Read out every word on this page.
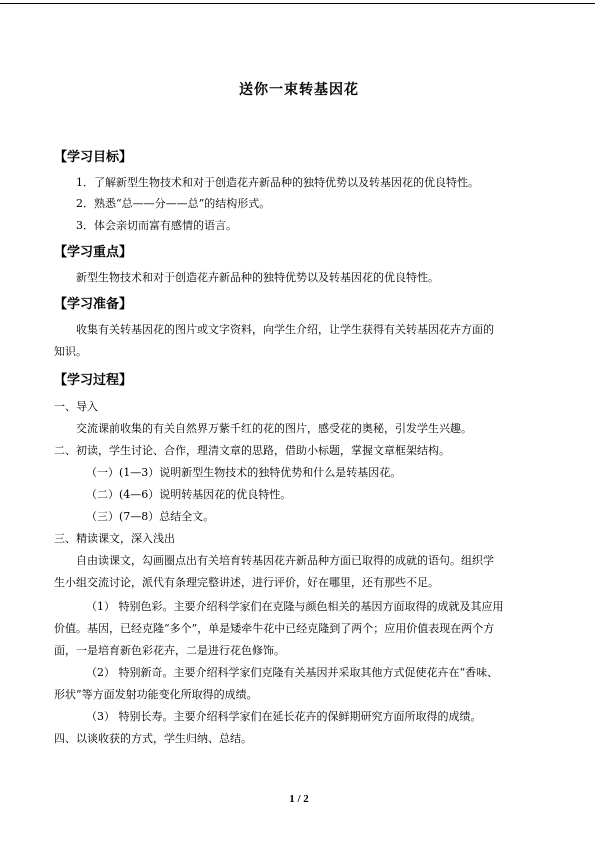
送你一束转基因花
【学习目标】
1．了解新型生物技术和对于创造花卉新品种的独特优势以及转基因花的优良特性。
2．熟悉“总——分——总”的结构形式。
3．体会亲切而富有感情的语言。
【学习重点】
新型生物技术和对于创造花卉新品种的独特优势以及转基因花的优良特性。
【学习准备】
收集有关转基因花的图片或文字资料，向学生介绍，让学生获得有关转基因花卉方面的
知识。
【学习过程】
一、导入
交流课前收集的有关自然界万紫千红的花的图片，感受花的奥秘，引发学生兴趣。
二、初读，学生讨论、合作，理清文章的思路，借助小标题，掌握文章框架结构。
（一）(1—3）说明新型生物技术的独特优势和什么是转基因花。
（二）(4—6）说明转基因花的优良特性。
（三）(7—8）总结全文。
三、精读课文，深入浅出
自由读课文，勾画圈点出有关培育转基因花卉新品种方面已取得的成就的语句。组织学
生小组交流讨论，派代有条理完整讲述，进行评价，好在哪里，还有那些不足。
（1） 特别色彩。主要介绍科学家们在克隆与颜色相关的基因方面取得的成就及其应用
价值。基因，已经克隆“多个”，单是矮牵牛花中已经克隆到了两个；应用价值表现在两个方
面，一是培育新色彩花卉，二是进行花色修饰。
（2） 特别新奇。主要介绍科学家们克隆有关基因并采取其他方式促使花卉在“香味、
形状”等方面发射功能变化所取得的成绩。
（3） 特别长寿。主要介绍科学家们在延长花卉的保鲜期研究方面所取得的成绩。
四、以谈收获的方式，学生归纳、总结。
1 / 2
